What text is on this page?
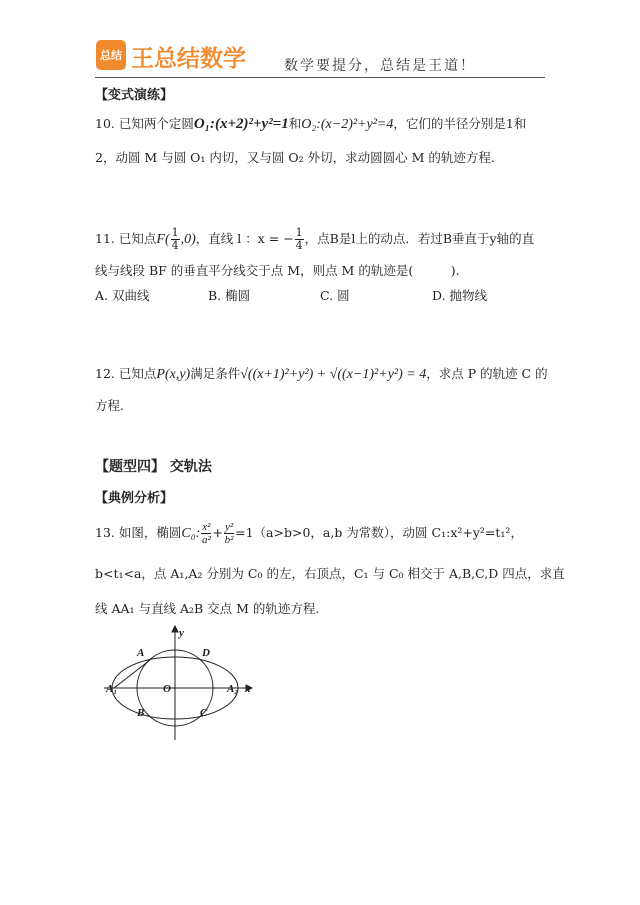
总结 王总结数学	数学要提分，总结是王道！
【变式演练】
10. 已知两个定圆O₁:(x+2)²+y²=1和O₂:(x−2)²+y²=4，它们的半径分别是1和
2，动圆 M 与圆 O₁ 内切，又与圆 O₂ 外切，求动圆圆心 M 的轨迹方程.
11. 已知点$F( \frac{1}{4} ,0)$，直线 l ：x = − $\frac{1}{4}$ ，点B是l上的动点．若过B垂直于y轴的直
线与线段 BF 的垂直平分线交于点 M，则点 M 的轨迹是(　　　).
A. 双曲线	B. 椭圆	C. 圆	D. 抛物线
12. 已知点P(x,y)满足条件√((x+1)²+y²) + √((x−1)²+y²) = 4，求点 P 的轨迹 C 的
方程.
【题型四】 交轨法
【典例分析】
13. 如图，椭圆C₀: $\frac{\text{x²}}{\text{a²}} + \frac{\text{y²}}{\text{b²}} =1(a>b>0$，a,b 为常数），动圆 C₁:x²+y²=t₁²，
b<t₁<a，点 A₁,A₂ 分别为 C₀ 的左，右顶点，C₁ 与 C₀ 相交于 A,B,C,D 四点，求直
线 AA₁ 与直线 A₂B 交点 M 的轨迹方程.
y
x
A	D
A₁	O	A₂
B	C
